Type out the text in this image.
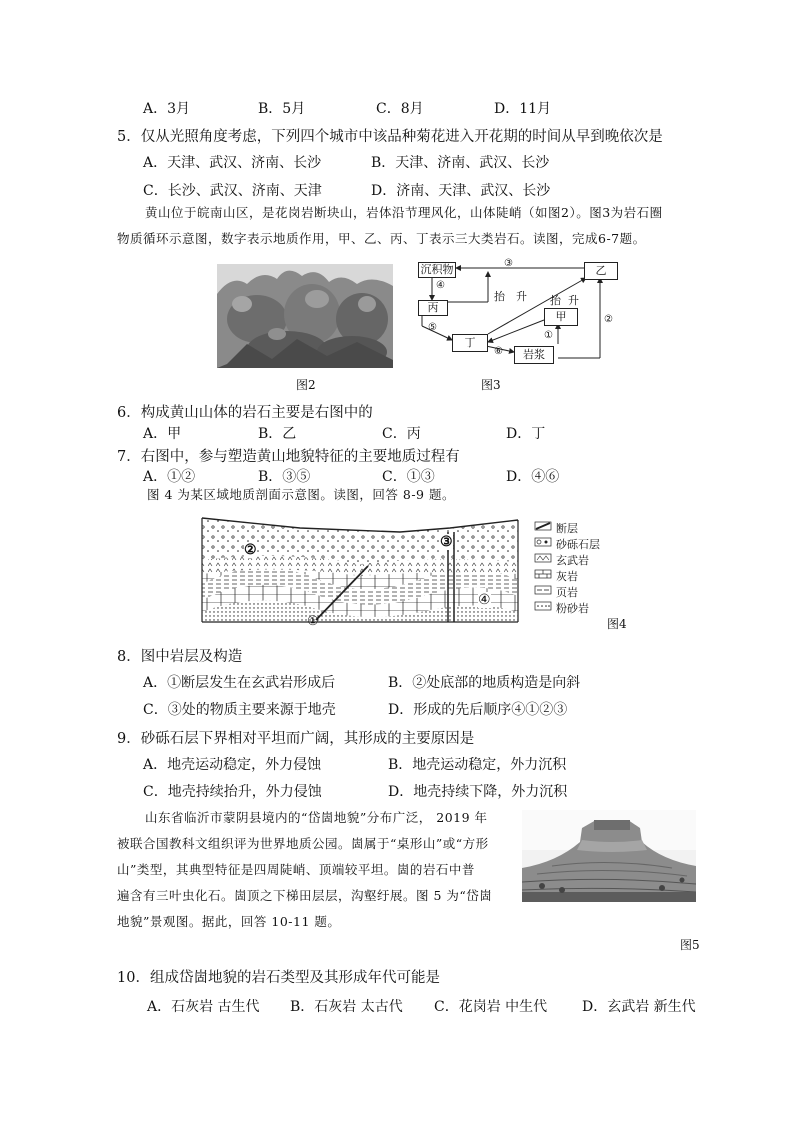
A．3月	B．5月	C．8月	D．11月
5．仅从光照角度考虑，下列四个城市中该品种菊花进入开花期的时间从早到晚依次是
A．天津、武汉、济南、长沙	B．天津、济南、武汉、长沙
C．长沙、武汉、济南、天津	D．济南、天津、武汉、长沙
黄山位于皖南山区，是花岗岩断块山，岩体沿节理风化，山体陡峭（如图2）。图3为岩石圈
物质循环示意图，数字表示地质作用，甲、乙、丙、丁表示三大类岩石。读图，完成6-7题。
图2
沉积物
丙
丁
岩浆
甲
乙
③
④
⑤
⑥
①
②
抬 升 抬 升
图3
6．构成黄山山体的岩石主要是右图中的
A．甲	B．乙	C．丙	D．丁
7．右图中，参与塑造黄山地貌特征的主要地质过程有
A．①②	B．③⑤	C．①③	D．④⑥
图 4 为某区域地质剖面示意图。读图，回答 8-9 题。
②	③
④
①
断层
砂砾石层
玄武岩
灰岩
页岩
粉砂岩
图4
8．图中岩层及构造
A．①断层发生在玄武岩形成后	B．②处底部的地质构造是向斜
C．③处的物质主要来源于地壳	D．形成的先后顺序④①②③
9．砂砾石层下界相对平坦而广阔，其形成的主要原因是
A．地壳运动稳定，外力侵蚀	B．地壳运动稳定，外力沉积
C．地壳持续抬升，外力侵蚀	D．地壳持续下降，外力沉积
山东省临沂市蒙阴县境内的“岱崮地貌”分布广泛， 2019 年
被联合国教科文组织评为世界地质公园。崮属于“桌形山”或“方形
山”类型，其典型特征是四周陡峭、顶端较平坦。崮的岩石中普
遍含有三叶虫化石。崮顶之下梯田层层，沟壑纡展。图 5 为“岱崮
地貌”景观图。据此，回答 10-11 题。
图5
10．组成岱崮地貌的岩石类型及其形成年代可能是
A．石灰岩 古生代 B．石灰岩 太古代 C．花岗岩 中生代 D．玄武岩 新生代
